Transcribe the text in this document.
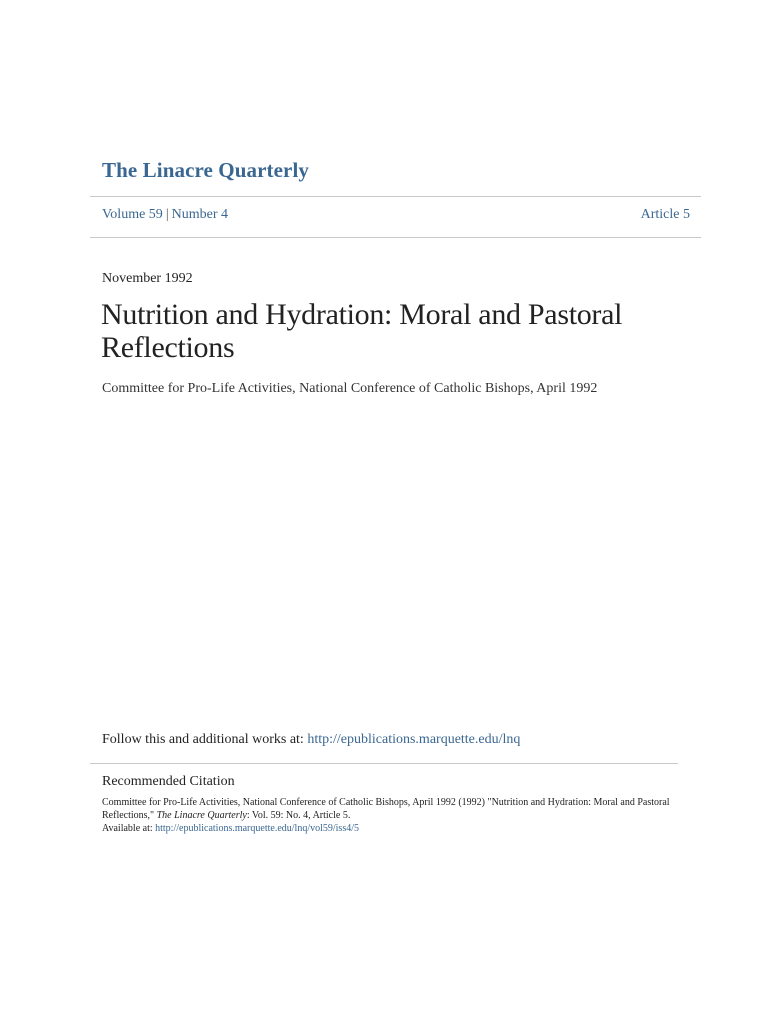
The Linacre Quarterly
Volume 59 | Number 4	Article 5
November 1992
Nutrition and Hydration: Moral and Pastoral Reflections
Committee for Pro-Life Activities, National Conference of Catholic Bishops, April 1992
Follow this and additional works at: http://epublications.marquette.edu/lnq
Recommended Citation
Committee for Pro-Life Activities, National Conference of Catholic Bishops, April 1992 (1992) "Nutrition and Hydration: Moral and Pastoral Reflections," The Linacre Quarterly: Vol. 59: No. 4, Article 5.
Available at: http://epublications.marquette.edu/lnq/vol59/iss4/5
